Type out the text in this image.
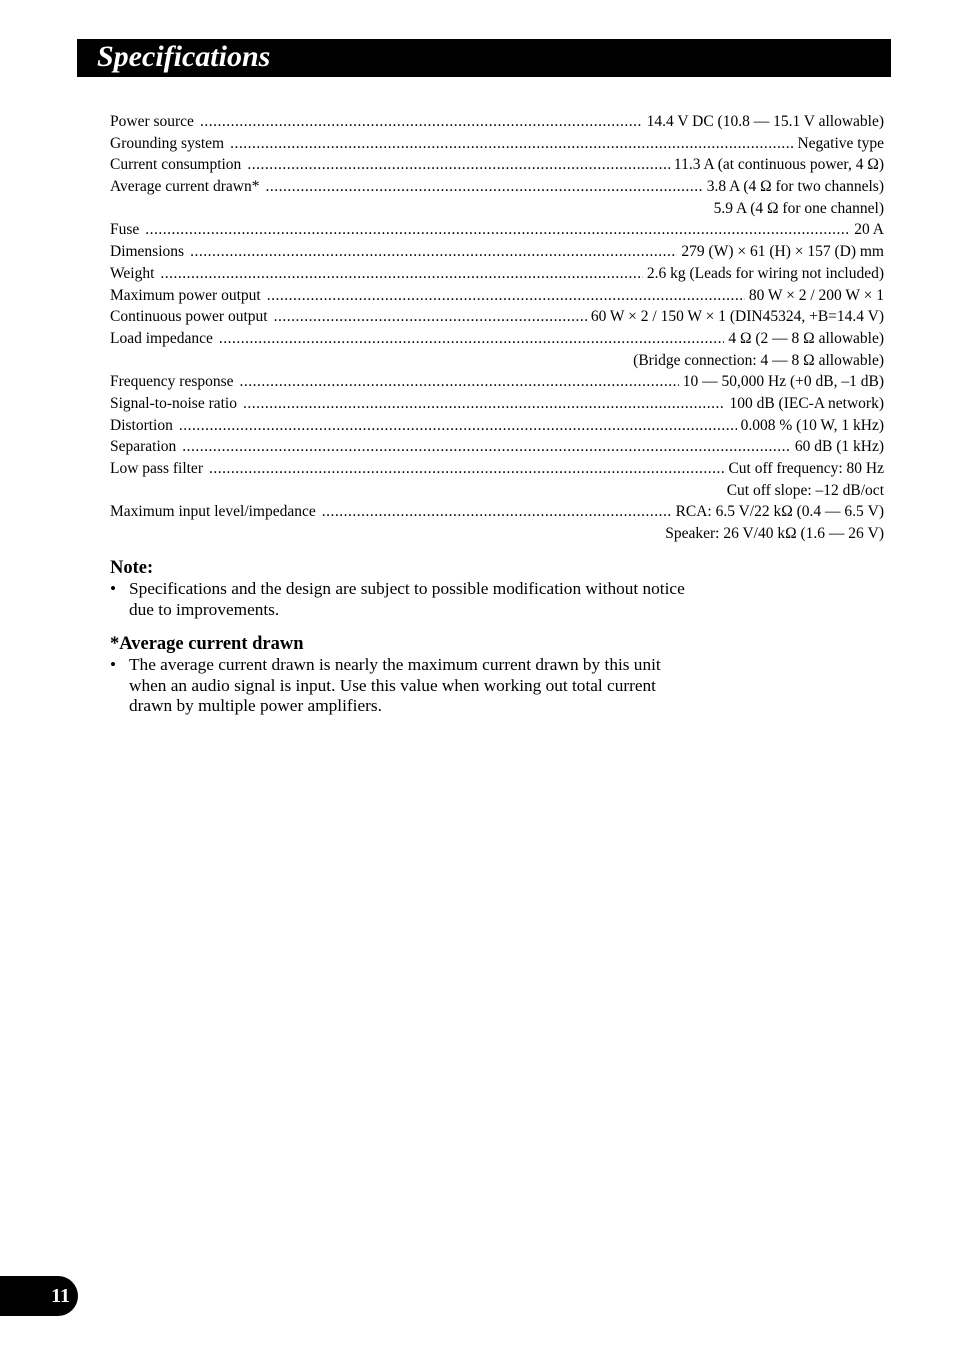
Specifications
Power source .....	14.4 V DC (10.8 — 15.1 V allowable)
Grounding system .....	Negative type
Current consumption .....	11.3 A (at continuous power, 4 Ω)
Average current drawn* .....	3.8 A (4 Ω for two channels)
5.9 A (4 Ω for one channel)
Fuse .....	20 A
Dimensions .....	279 (W) × 61 (H) × 157 (D) mm
Weight .....	2.6 kg (Leads for wiring not included)
Maximum power output .....	80 W × 2 / 200 W × 1
Continuous power output .....	60 W × 2 / 150 W × 1 (DIN45324, +B=14.4 V)
Load impedance .....	4 Ω (2 — 8 Ω allowable)
(Bridge connection: 4 — 8 Ω allowable)
Frequency response .....	10 — 50,000 Hz (+0 dB, –1 dB)
Signal-to-noise ratio .....	100 dB (IEC-A network)
Distortion .....	0.008 % (10 W, 1 kHz)
Separation .....	60 dB (1 kHz)
Low pass filter .....	Cut off frequency: 80 Hz
Cut off slope: –12 dB/oct
Maximum input level/impedance .....	RCA: 6.5 V/22 kΩ (0.4 — 6.5 V)
Speaker: 26 V/40 kΩ (1.6 — 26 V)

Note:

• Specifications and the design are subject to possible modification without notice
due to improvements.

*Average current drawn

• The average current drawn is nearly the maximum current drawn by this unit
when an audio signal is input. Use this value when working out total current
drawn by multiple power amplifiers.
11
